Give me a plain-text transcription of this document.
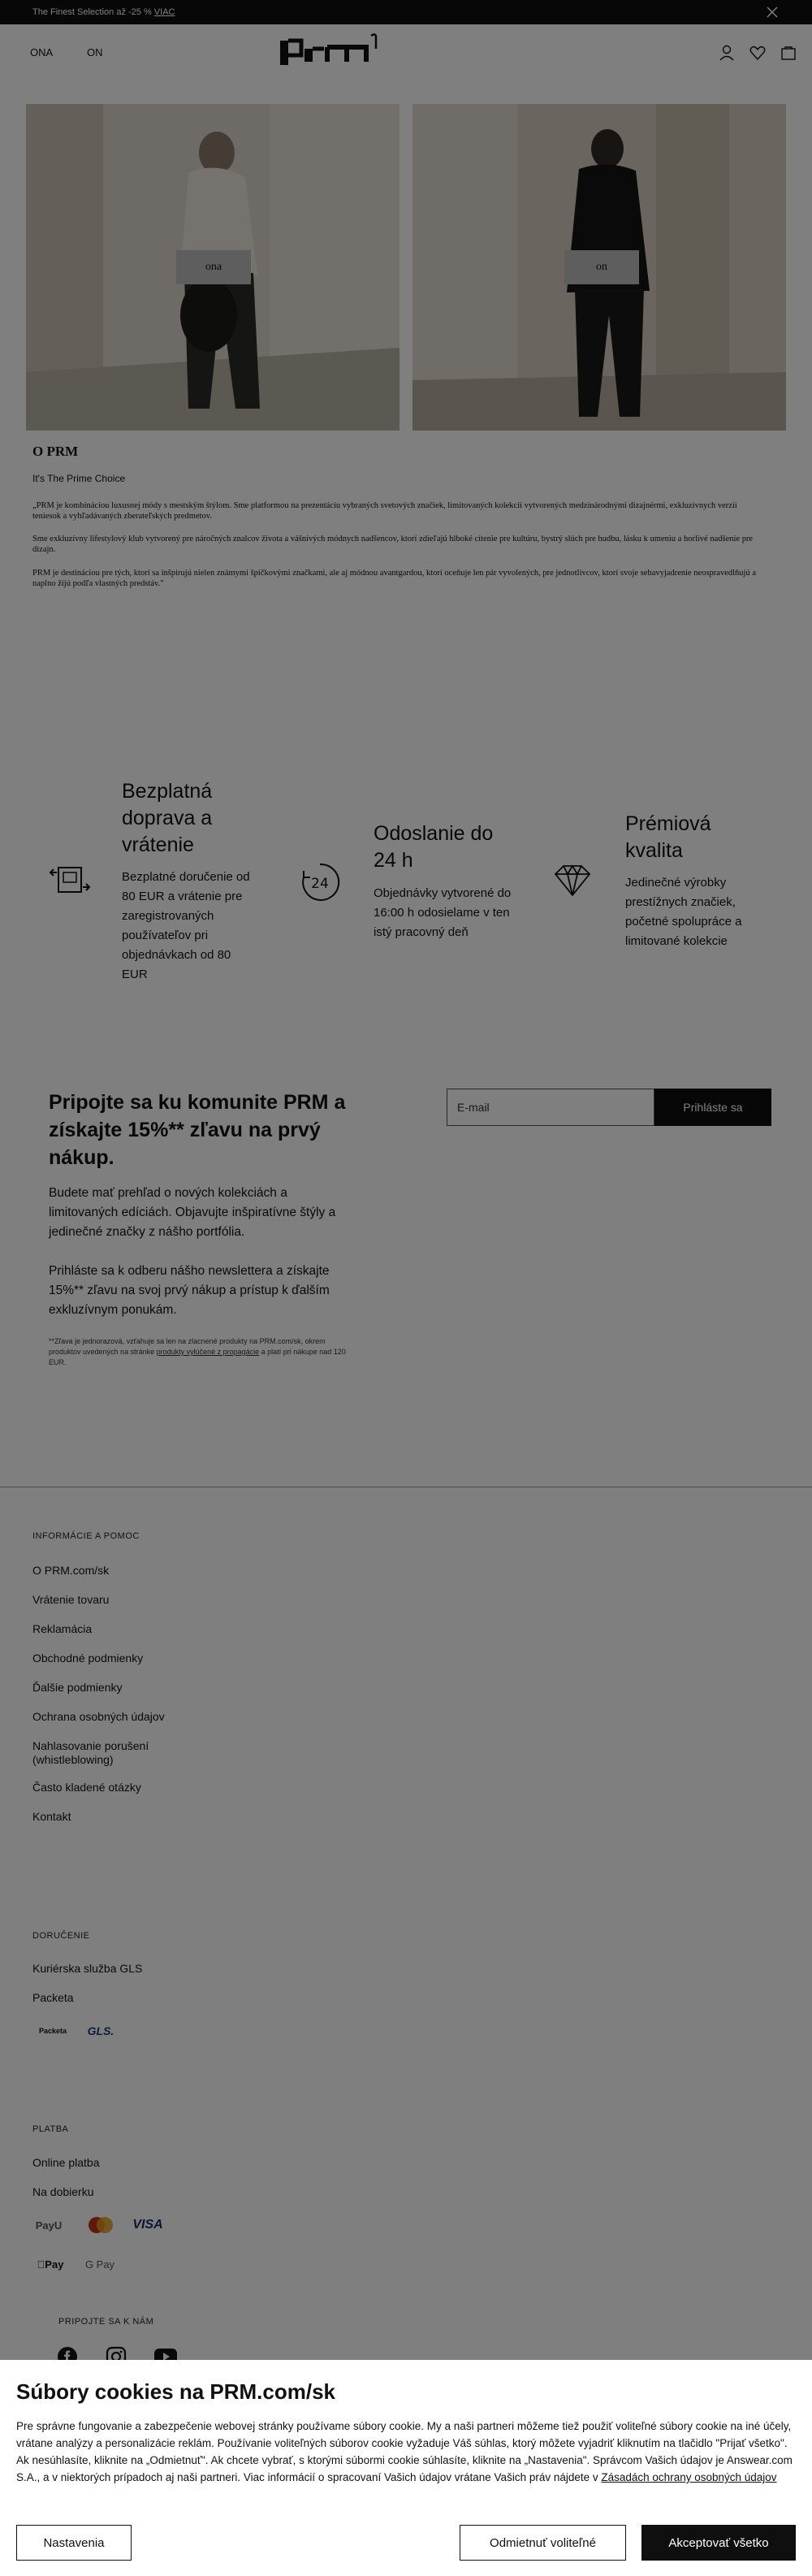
Súbory cookies na PRM.com/sk

Pre správne fungovanie a zabezpečenie webovej stránky používame súbory cookie. My a naši partneri môžeme tiež použiť voliteľné súbory cookie na iné účely, vrátane analýzy a personalizácie reklám. Používanie voliteľných súborov cookie vyžaduje Váš súhlas, ktorý môžete vyjadriť kliknutím na tlačidlo "Prijať všetko". Ak nesúhlasíte, kliknite na „Odmietnuť". Ak chcete vybrať, s ktorými súbormi cookie súhlasíte, kliknite na „Nastavenia". Správcom Vašich údajov je Answear.com S.A., a v niektorých prípadoch aj naši partneri. Viac informácií o spracovaní Vašich údajov vrátane Vašich práv nájdete v Zásadách ochrany osobných údajov

Nastavenia	Odmietnuť voliteľné	Akceptovať všetko
